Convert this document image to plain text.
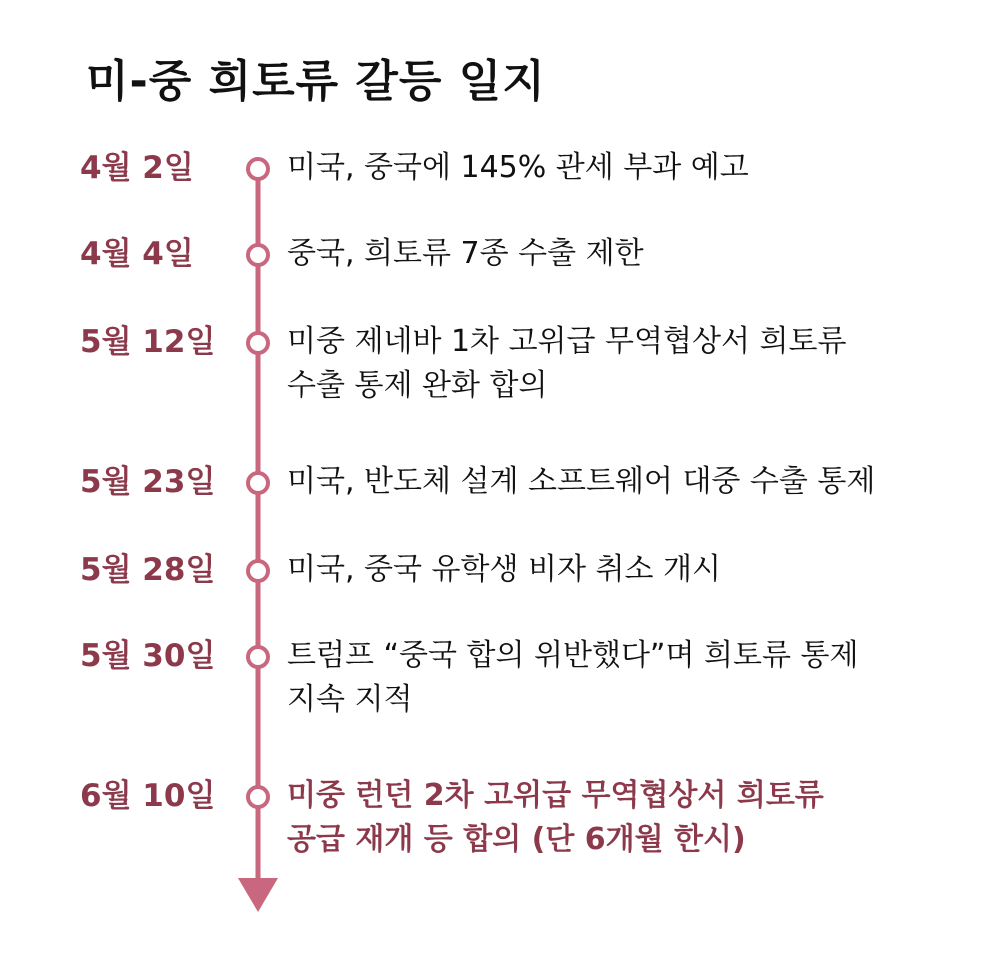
미-중 희토류 갈등 일지
4월 2일	미국, 중국에 145% 관세 부과 예고
4월 4일	중국, 희토류 7종 수출 제한
5월 12일	미중 제네바 1차 고위급 무역협상서 희토류
수출 통제 완화 합의
5월 23일	미국, 반도체 설계 소프트웨어 대중 수출 통제
5월 28일	미국, 중국 유학생 비자 취소 개시
5월 30일	트럼프 “중국 합의 위반했다”며 희토류 통제
지속 지적
6월 10일	미중 런던 2차 고위급 무역협상서 희토류
공급 재개 등 합의 (단 6개월 한시)
